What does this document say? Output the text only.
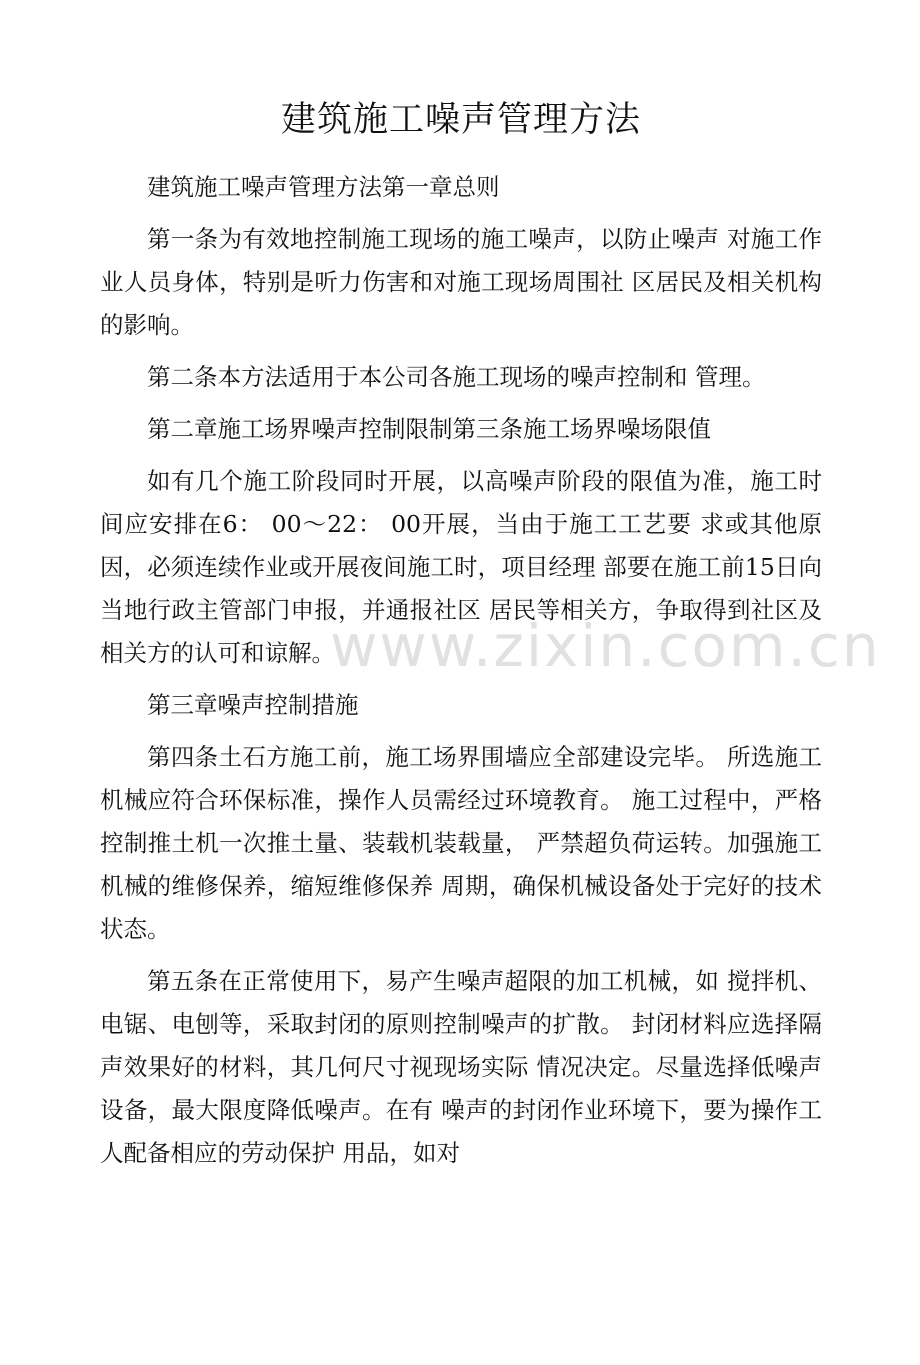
建筑施工噪声管理方法

建筑施工噪声管理方法第一章总则

第一条为有效地控制施工现场的施工噪声，以防止噪声 对施工作业人员身体，特别是听力伤害和对施工现场周围社 区居民及相关机构的影响。

第二条本方法适用于本公司各施工现场的噪声控制和 管理。

第二章施工场界噪声控制限制第三条施工场界噪场限值

如有几个施工阶段同时开展，以高噪声阶段的限值为准，施工时间应安排在6： 00〜22： 00开展，当由于施工工艺要 求或其他原因，必须连续作业或开展夜间施工时，项目经理 部要在施工前15日向当地行政主管部门申报，并通报社区 居民等相关方，争取得到社区及相关方的认可和谅解。

第三章噪声控制措施

第四条土石方施工前，施工场界围墙应全部建设完毕。 所选施工机械应符合环保标准，操作人员需经过环境教育。 施工过程中，严格控制推土机一次推土量、装载机装载量， 严禁超负荷运转。加强施工机械的维修保养，缩短维修保养 周期，确保机械设备处于完好的技术状态。

第五条在正常使用下，易产生噪声超限的加工机械，如 搅拌机、电锯、电刨等，采取封闭的原则控制噪声的扩散。 封闭材料应选择隔声效果好的材料，其几何尺寸视现场实际 情况决定。尽量选择低噪声设备，最大限度降低噪声。在有 噪声的封闭作业环境下，要为操作工人配备相应的劳动保护 用品，如对

www.zixin.com.cn
